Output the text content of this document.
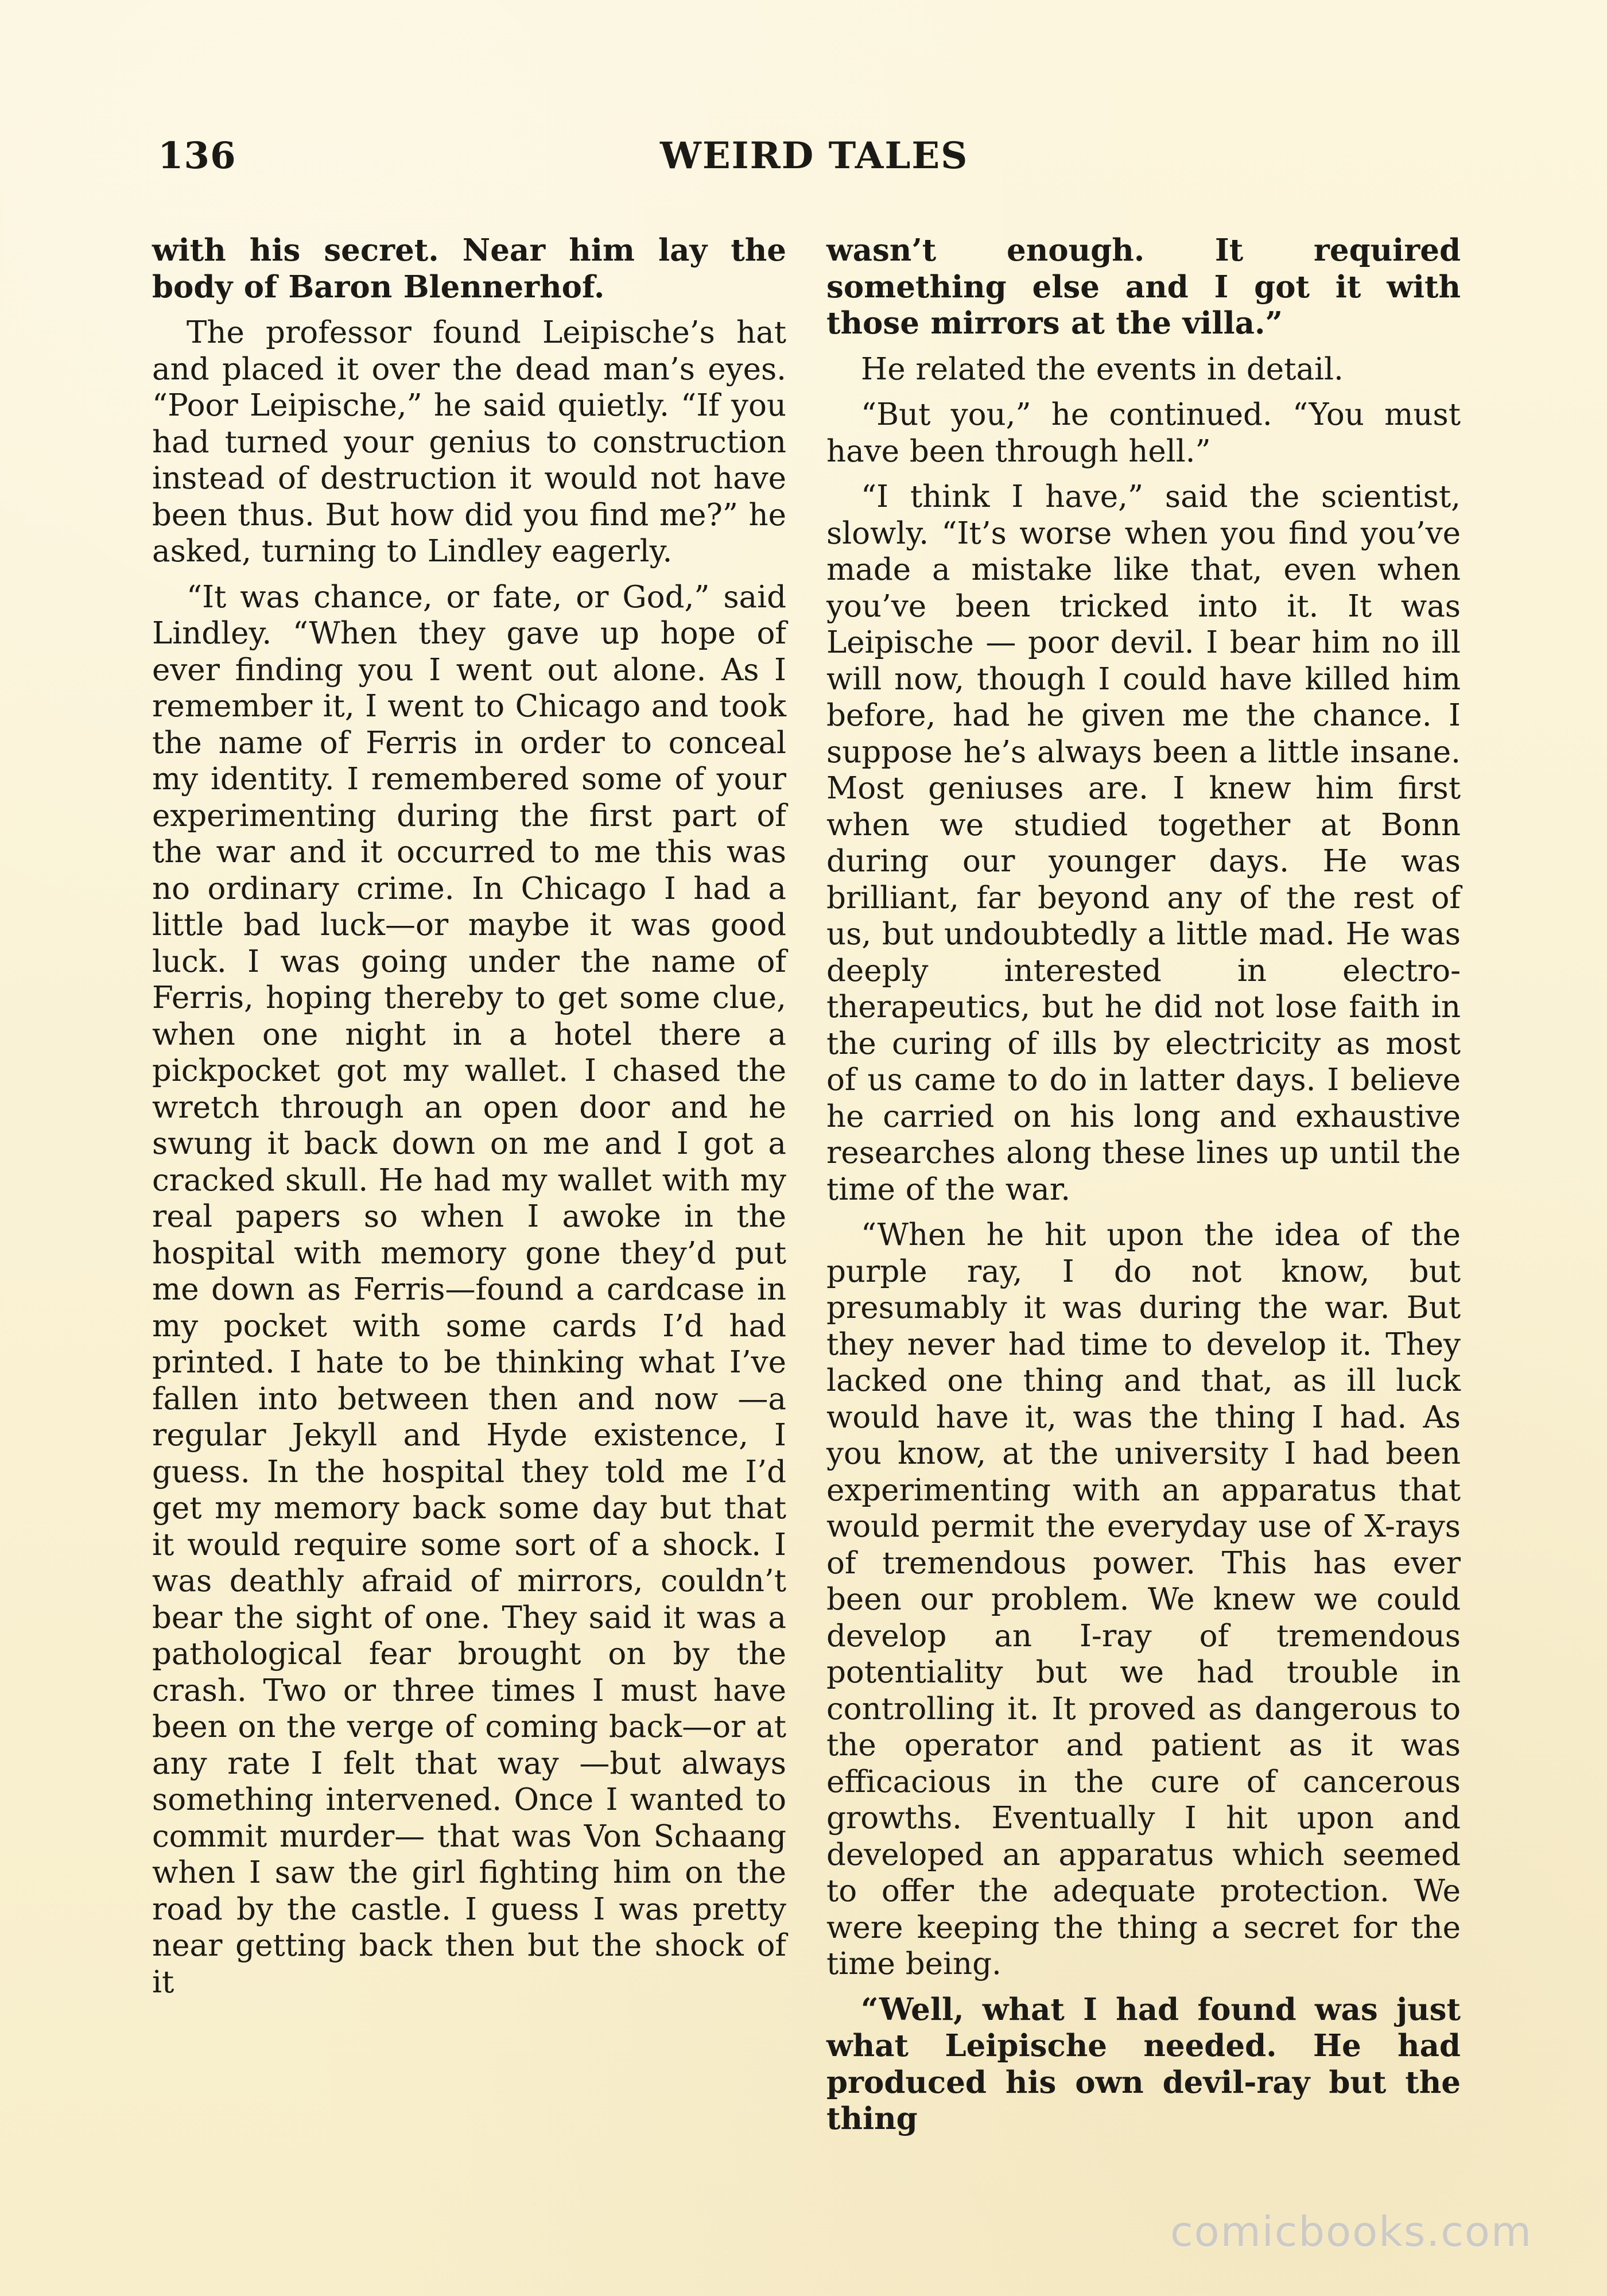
136	WEIRD TALES

with his secret. Near him lay the body of Baron Blennerhof.

The professor found Leipische’s hat and placed it over the dead man’s eyes. “Poor Leipische,” he said quietly. “If you had turned your genius to construction instead of destruction it would not have been thus. But how did you find me?” he asked, turning to Lindley eagerly.

“It was chance, or fate, or God,” said Lindley. “When they gave up hope of ever finding you I went out alone. As I remember it, I went to Chicago and took the name of Ferris in order to conceal my identity. I remembered some of your experimenting during the first part of the war and it occurred to me this was no ordinary crime. In Chicago I had a little bad luck—or maybe it was good luck. I was going under the name of Ferris, hoping thereby to get some clue, when one night in a hotel there a pickpocket got my wallet. I chased the wretch through an open door and he swung it back down on me and I got a cracked skull. He had my wallet with my real papers so when I awoke in the hospital with memory gone they’d put me down as Ferris—found a cardcase in my pocket with some cards I’d had printed. I hate to be thinking what I’ve fallen into between then and now —a regular Jekyll and Hyde existence, I guess. In the hospital they told me I’d get my memory back some day but that it would require some sort of a shock. I was deathly afraid of mirrors, couldn’t bear the sight of one. They said it was a pathological fear brought on by the crash. Two or three times I must have been on the verge of coming back—or at any rate I felt that way —but always something intervened. Once I wanted to commit murder— that was Von Schaang when I saw the girl fighting him on the road by the castle. I guess I was pretty near getting back then but the shock of it

wasn’t enough. It required something else and I got it with those mirrors at the villa.”

He related the events in detail.

“But you,” he continued. “You must have been through hell.”

“I think I have,” said the scientist, slowly. “It’s worse when you find you’ve made a mistake like that, even when you’ve been tricked into it. It was Leipische — poor devil. I bear him no ill will now, though I could have killed him before, had he given me the chance. I suppose he’s always been a little insane. Most geniuses are. I knew him first when we studied together at Bonn during our younger days. He was brilliant, far beyond any of the rest of us, but undoubtedly a little mad. He was deeply interested in electro-therapeutics, but he did not lose faith in the curing of ills by electricity as most of us came to do in latter days. I believe he carried on his long and exhaustive researches along these lines up until the time of the war.

“When he hit upon the idea of the purple ray, I do not know, but presumably it was during the war. But they never had time to develop it. They lacked one thing and that, as ill luck would have it, was the thing I had. As you know, at the university I had been experimenting with an apparatus that would permit the everyday use of X-rays of tremendous power. This has ever been our problem. We knew we could develop an I-ray of tremendous potentiality but we had trouble in controlling it. It proved as dangerous to the operator and patient as it was efficacious in the cure of cancerous growths. Eventually I hit upon and developed an apparatus which seemed to offer the adequate protection. We were keeping the thing a secret for the time being.

“Well, what I had found was just what Leipische needed. He had produced his own devil-ray but the thing

comicbooks.com
